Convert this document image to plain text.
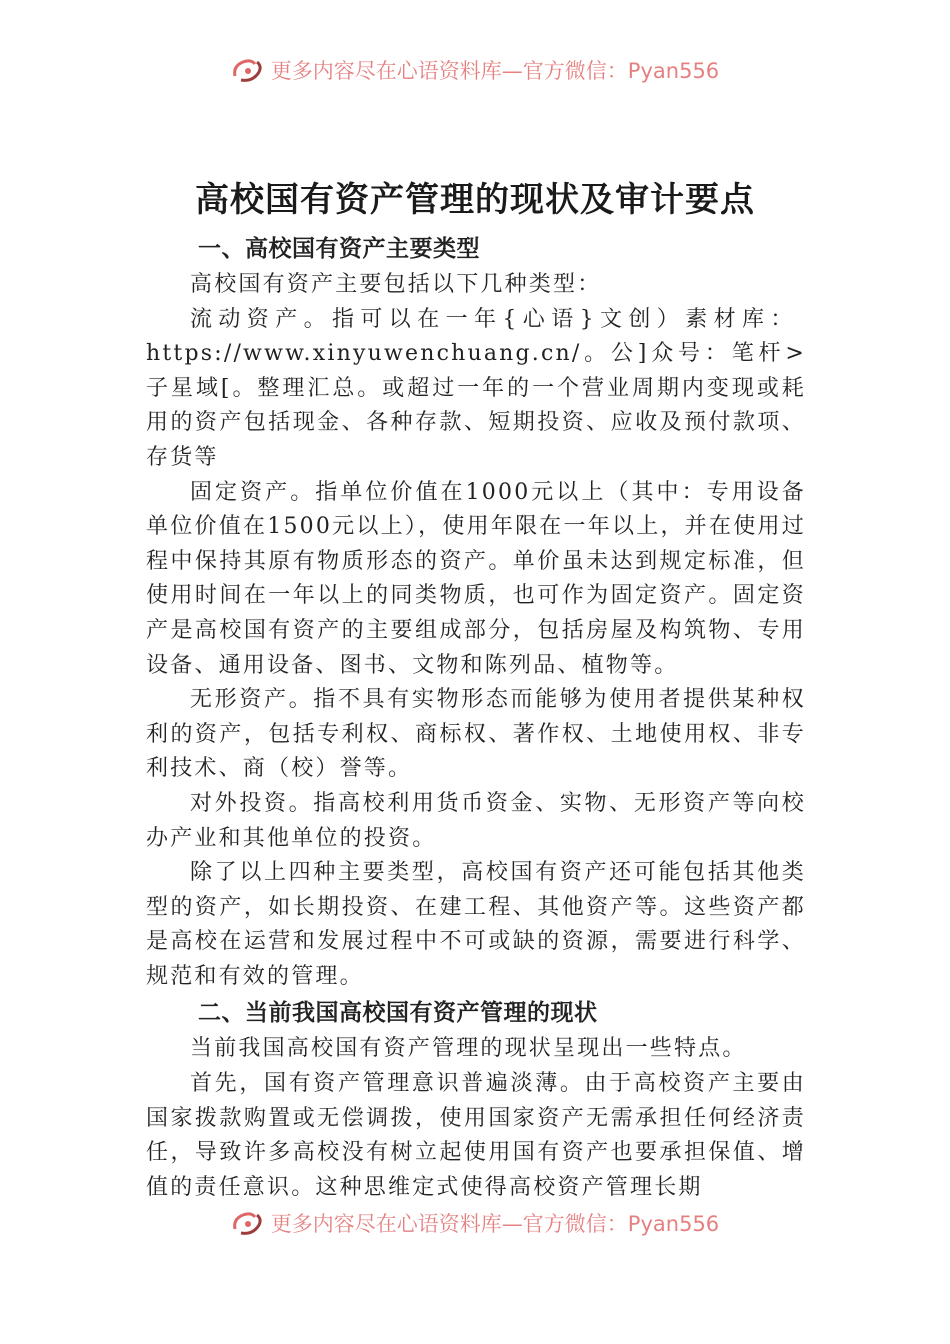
更多内容尽在心语资料库—官方微信：Pyan556
高校国有资产管理的现状及审计要点
一、高校国有资产主要类型

高校国有资产主要包括以下几种类型：

流动资产。指可以在一年{心语}文创）素材库：

https://www.xinyuwenchuang.cn/。公]众号：笔杆>子星域[。整理汇总。或超过一年的一个营业周期内变现或耗用的资产包括现金、各种存款、短期投资、应收及预付款项、存货等

固定资产。指单位价值在1000元以上（其中：专用设备单位价值在1500元以上），使用年限在一年以上，并在使用过程中保持其原有物质形态的资产。单价虽未达到规定标准，但使用时间在一年以上的同类物质，也可作为固定资产。固定资产是高校国有资产的主要组成部分，包括房屋及构筑物、专用设备、通用设备、图书、文物和陈列品、植物等。

无形资产。指不具有实物形态而能够为使用者提供某种权利的资产，包括专利权、商标权、著作权、土地使用权、非专利技术、商（校）誉等。

对外投资。指高校利用货币资金、实物、无形资产等向校办产业和其他单位的投资。

除了以上四种主要类型，高校国有资产还可能包括其他类型的资产，如长期投资、在建工程、其他资产等。这些资产都是高校在运营和发展过程中不可或缺的资源，需要进行科学、规范和有效的管理。

二、当前我国高校国有资产管理的现状

当前我国高校国有资产管理的现状呈现出一些特点。

首先，国有资产管理意识普遍淡薄。由于高校资产主要由国家拨款购置或无偿调拨，使用国家资产无需承担任何经济责任，导致许多高校没有树立起使用国有资产也要承担保值、增值的责任意识。这种思维定式使得高校资产管理长期

更多内容尽在心语资料库—官方微信：Pyan556
